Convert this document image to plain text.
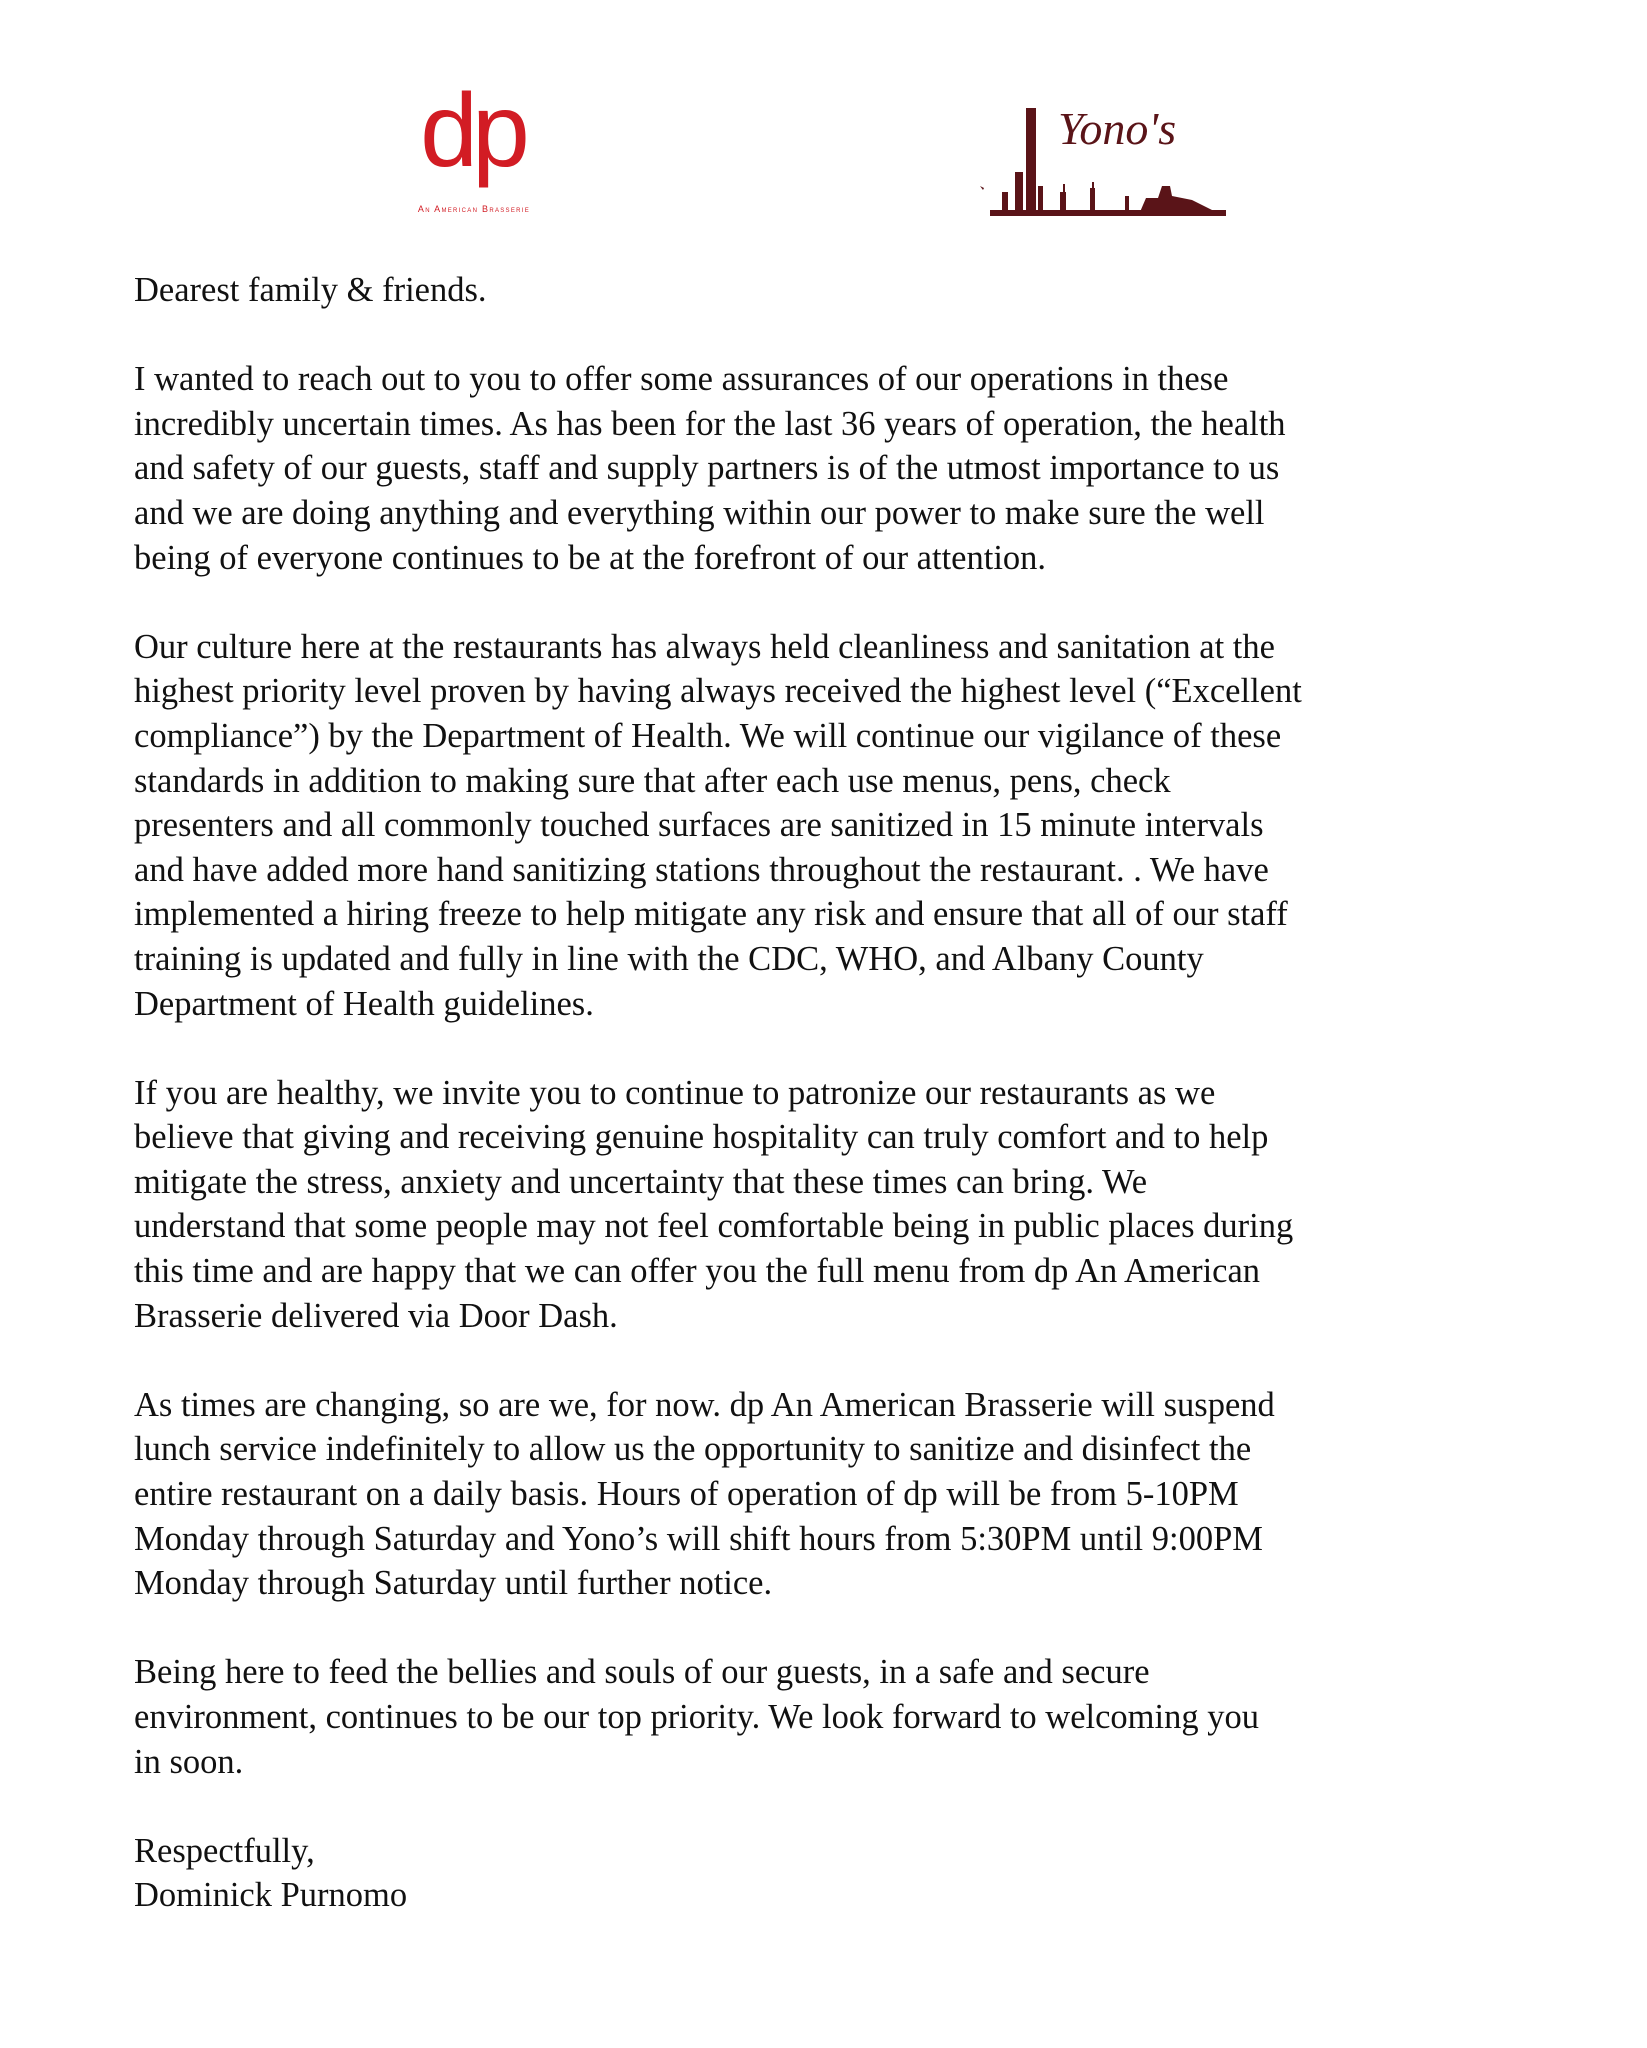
dp
An American Brasserie
Yono's

Dearest family & friends.

I wanted to reach out to you to offer some assurances of our operations in these
incredibly uncertain times. As has been for the last 36 years of operation, the health
and safety of our guests, staff and supply partners is of the utmost importance to us
and we are doing anything and everything within our power to make sure the well
being of everyone continues to be at the forefront of our attention.

Our culture here at the restaurants has always held cleanliness and sanitation at the
highest priority level proven by having always received the highest level (“Excellent
compliance”) by the Department of Health. We will continue our vigilance of these
standards in addition to making sure that after each use menus, pens, check
presenters and all commonly touched surfaces are sanitized in 15 minute intervals
and have added more hand sanitizing stations throughout the restaurant. . We have
implemented a hiring freeze to help mitigate any risk and ensure that all of our staff
training is updated and fully in line with the CDC, WHO, and Albany County
Department of Health guidelines.

If you are healthy, we invite you to continue to patronize our restaurants as we
believe that giving and receiving genuine hospitality can truly comfort and to help
mitigate the stress, anxiety and uncertainty that these times can bring. We
understand that some people may not feel comfortable being in public places during
this time and are happy that we can offer you the full menu from dp An American
Brasserie delivered via Door Dash.

As times are changing, so are we, for now. dp An American Brasserie will suspend
lunch service indefinitely to allow us the opportunity to sanitize and disinfect the
entire restaurant on a daily basis. Hours of operation of dp will be from 5-10PM
Monday through Saturday and Yono’s will shift hours from 5:30PM until 9:00PM
Monday through Saturday until further notice.

Being here to feed the bellies and souls of our guests, in a safe and secure
environment, continues to be our top priority. We look forward to welcoming you
in soon.

Respectfully,
Dominick Purnomo
